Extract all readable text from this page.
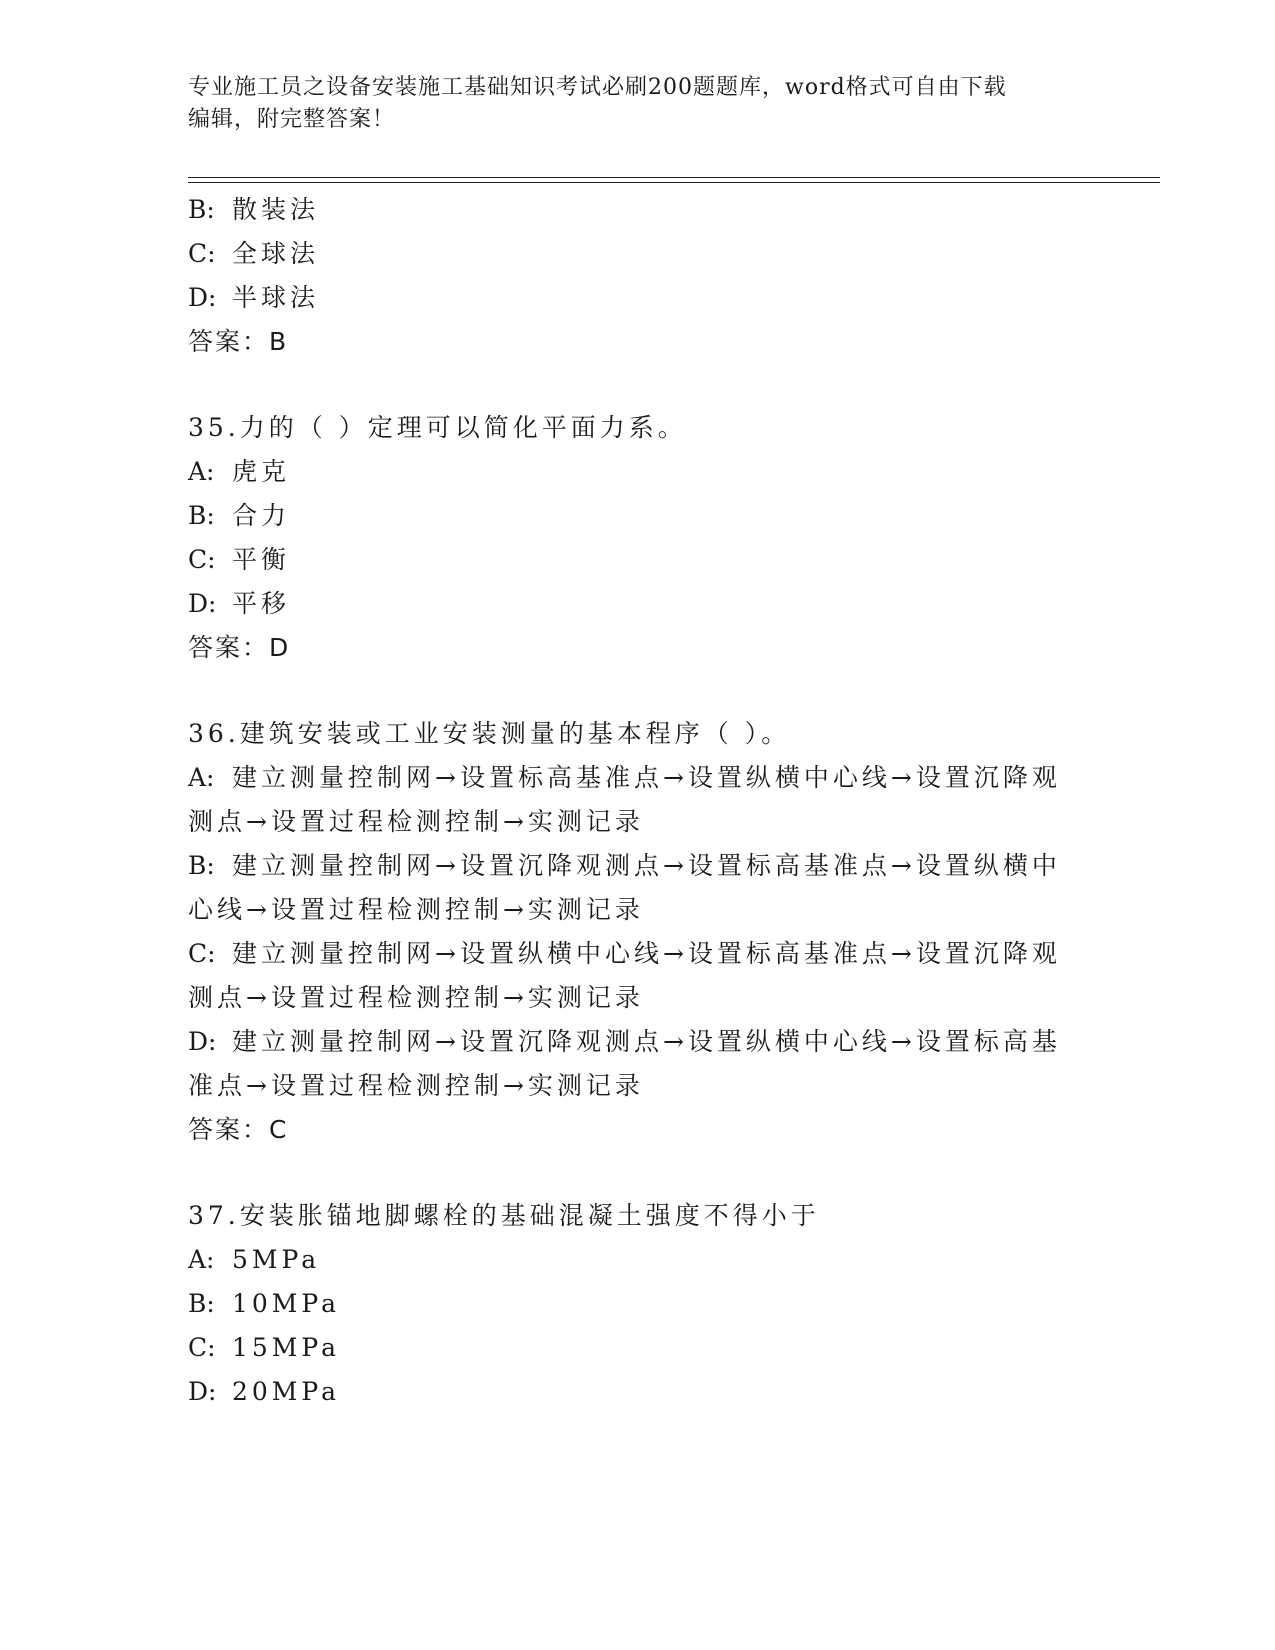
专业施工员之设备安装施工基础知识考试必刷200题题库，word格式可自由下载
编辑，附完整答案！
B: 散装法
C: 全球法
D: 半球法
答案：B
35.力的（ ）定理可以简化平面力系。
A: 虎克
B: 合力
C: 平衡
D: 平移
答案：D
36.建筑安装或工业安装测量的基本程序（ ）。
A: 建立测量控制网→设置标高基准点→设置纵横中心线→设置沉降观
测点→设置过程检测控制→实测记录
B: 建立测量控制网→设置沉降观测点→设置标高基准点→设置纵横中
心线→设置过程检测控制→实测记录
C: 建立测量控制网→设置纵横中心线→设置标高基准点→设置沉降观
测点→设置过程检测控制→实测记录
D: 建立测量控制网→设置沉降观测点→设置纵横中心线→设置标高基
准点→设置过程检测控制→实测记录
答案：C
37.安装胀锚地脚螺栓的基础混凝土强度不得小于
A: 5MPa
B: 10MPa
C: 15MPa
D: 20MPa
